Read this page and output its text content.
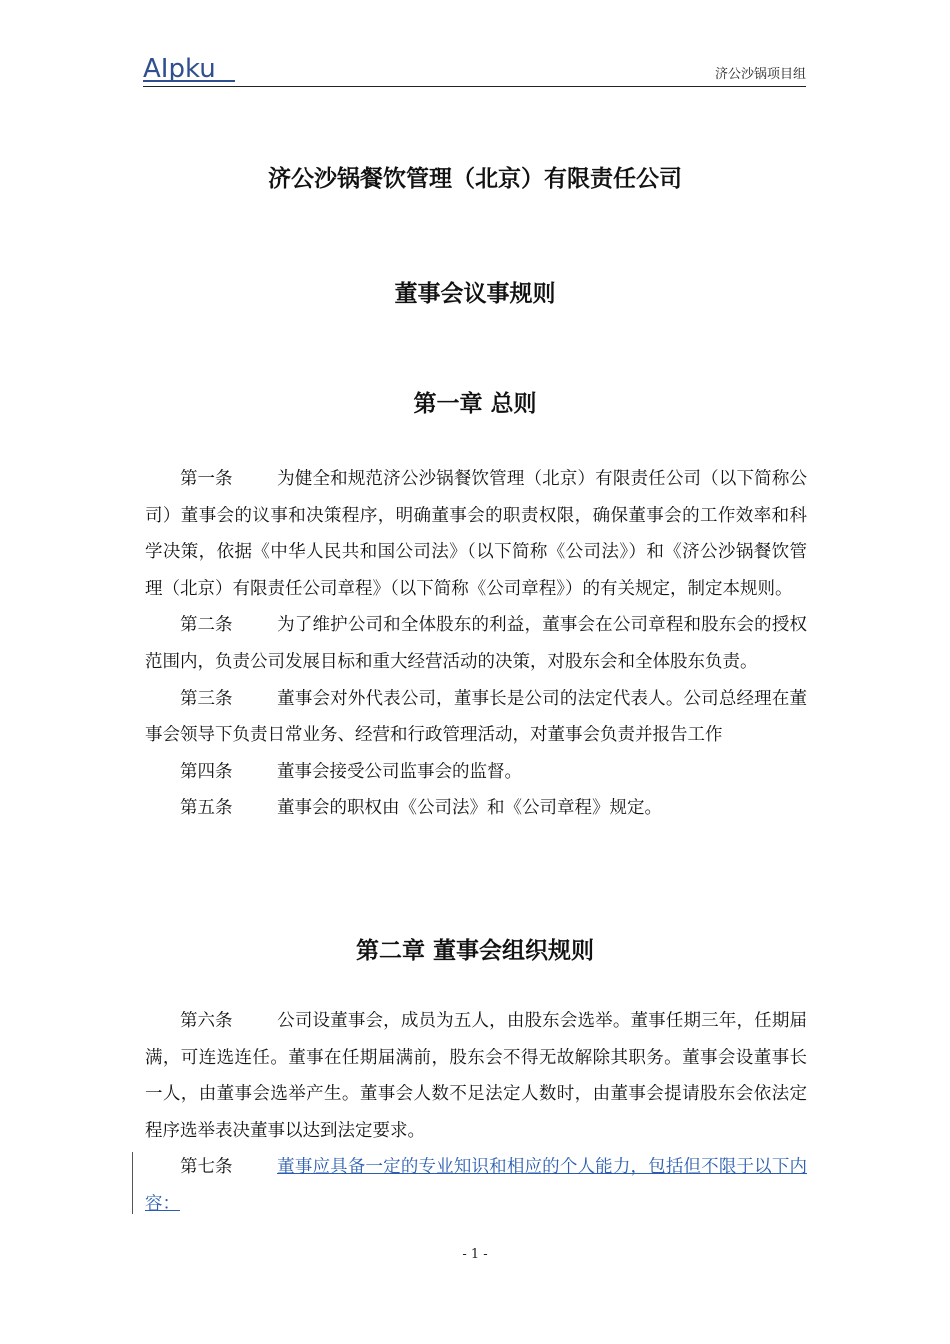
AIpku	济公沙锅项目组
济公沙锅餐饮管理（北京）有限责任公司
董事会议事规则
第一章 总则

第一条	为健全和规范济公沙锅餐饮管理（北京）有限责任公司（以下简称公司）董事会的议事和决策程序，明确董事会的职责权限，确保董事会的工作效率和科学决策，依据《中华人民共和国公司法》（以下简称《公司法》）和《济公沙锅餐饮管理（北京）有限责任公司章程》（以下简称《公司章程》）的有关规定，制定本规则。

第二条	为了维护公司和全体股东的利益，董事会在公司章程和股东会的授权范围内，负责公司发展目标和重大经营活动的决策，对股东会和全体股东负责。

第三条	董事会对外代表公司，董事长是公司的法定代表人。公司总经理在董事会领导下负责日常业务、经营和行政管理活动，对董事会负责并报告工作

第四条	董事会接受公司监事会的监督。

第五条	董事会的职权由《公司法》和《公司章程》规定。

第二章 董事会组织规则

第六条	公司设董事会，成员为五人，由股东会选举。董事任期三年，任期届满，可连选连任。董事在任期届满前，股东会不得无故解除其职务。董事会设董事长一人，由董事会选举产生。董事会人数不足法定人数时，由董事会提请股东会依法定程序选举表决董事以达到法定要求。

第七条	董事应具备一定的专业知识和相应的个人能力，包括但不限于以下内容：

- 1 -
